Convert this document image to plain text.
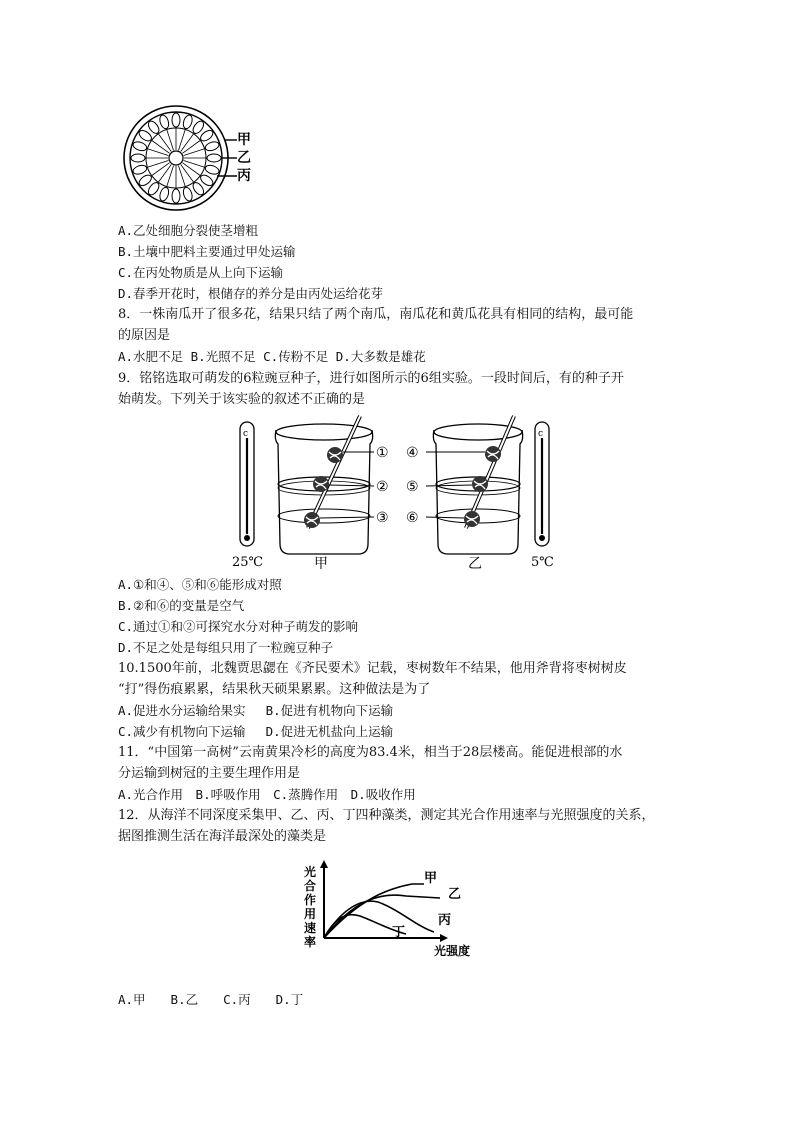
甲
乙
丙
A.乙处细胞分裂使茎增粗
B.土壤中肥料主要通过甲处运输
C.在丙处物质是从上向下运输
D.春季开花时，根储存的养分是由丙处运给花芽
8．一株南瓜开了很多花，结果只结了两个南瓜，南瓜花和黄瓜花具有相同的结构，最可能
的原因是
A.水肥不足 B.光照不足 C.传粉不足 D.大多数是雄花
9．铭铭选取可萌发的6粒豌豆种子，进行如图所示的6组实验。一段时间后，有的种子开
始萌发。下列关于该实验的叙述不正确的是
c
25℃
①
②
③
甲
④
⑤
⑥
乙
c
5℃
A.①和④、⑤和⑥能形成对照
B.②和⑥的变量是空气
C.通过①和②可探究水分对种子萌发的影响
D.不足之处是每组只用了一粒豌豆种子
10.1500年前，北魏贾思勰在《齐民要术》记载，枣树数年不结果，他用斧背将枣树树皮
“打”得伤痕累累，结果秋天硕果累累。这种做法是为了
A.促进水分运输给果实　 B.促进有机物向下运输
C.减少有机物向下运输　 D.促进无机盐向上运输
11．“中国第一高树”云南黄果冷杉的高度为83.4米，相当于28层楼高。能促进根部的水
分运输到树冠的主要生理作用是
A.光合作用　B.呼吸作用　C.蒸腾作用　D.吸收作用
12．从海洋不同深度采集甲、乙、丙、丁四种藻类，测定其光合作用速率与光照强度的关系，
据图推测生活在海洋最深处的藻类是
光
合
作
用
速
率
甲
乙
丙
丁
光强度
A.甲　　B.乙　　C.丙　　D.丁
